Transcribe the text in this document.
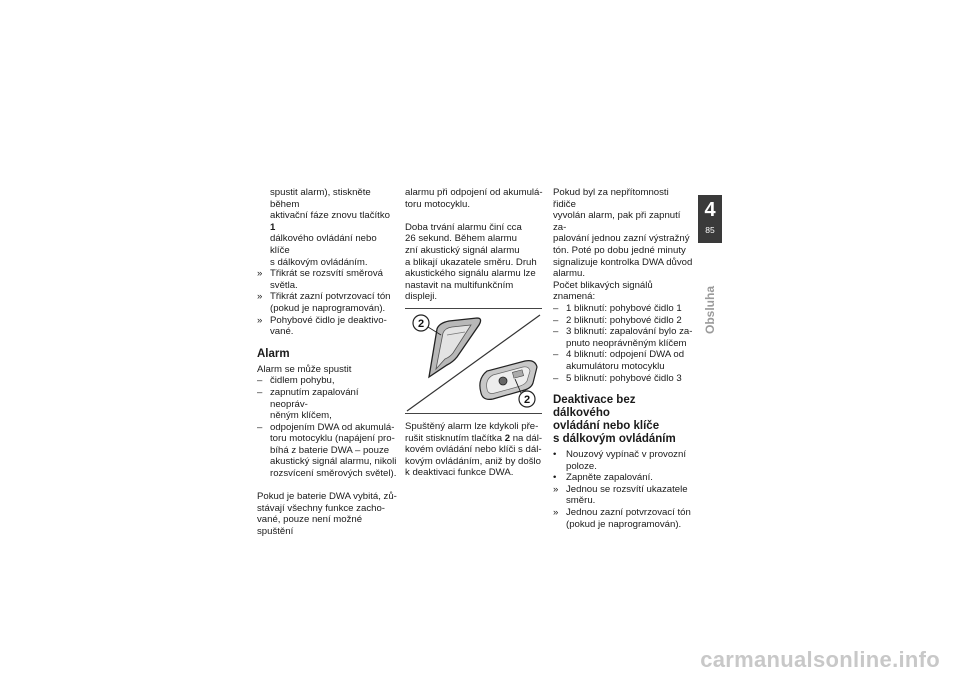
spustit alarm), stiskněte během
aktivační fáze znovu tlačítko 1
dálkového ovládání nebo klíče
s dálkovým ovládáním.
» Třikrát se rozsvítí směrová
světla.
» Třikrát zazní potvrzovací tón
(pokud je naprogramován).
» Pohybové čidlo je deaktivo-
vané.
Alarm
Alarm se může spustit
– čidlem pohybu,
– zapnutím zapalování neopráv-
něným klíčem,
– odpojením DWA od akumulá-
toru motocyklu (napájení pro-
bíhá z baterie DWA – pouze
akustický signál alarmu, nikoli
rozsvícení směrových světel).
Pokud je baterie DWA vybitá, zů-
stávají všechny funkce zacho-
vané, pouze není možné spuštění
alarmu při odpojení od akumulá-
toru motocyklu.
Doba trvání alarmu činí cca
26 sekund. Během alarmu
zní akustický signál alarmu
a blikají ukazatele směru. Druh
akustického signálu alarmu lze
nastavit na multifunkčním displeji.
2
2
Spuštěný alarm lze kdykoli pře-
rušit stisknutím tlačítka 2 na dál-
kovém ovládání nebo klíči s dál-
kovým ovládáním, aniž by došlo
k deaktivaci funkce DWA.
Pokud byl za nepřítomnosti řidiče
vyvolán alarm, pak při zapnutí za-
palování jednou zazní výstražný
tón. Poté po dobu jedné minuty
signalizuje kontrolka DWA důvod
alarmu.
Počet blikavých signálů znamená:
– 1 bliknutí: pohybové čidlo 1
– 2 bliknutí: pohybové čidlo 2
– 3 bliknutí: zapalování bylo za-
pnuto neoprávněným klíčem
– 4 bliknutí: odpojení DWA od
akumulátoru motocyklu
– 5 bliknutí: pohybové čidlo 3
Deaktivace bez dálkového
ovládání nebo klíče
s dálkovým ovládáním
• Nouzový vypínač v provozní
poloze.
• Zapněte zapalování.
» Jednou se rozsvítí ukazatele
směru.
» Jednou zazní potvrzovací tón
(pokud je naprogramován).
4
85
Obsluha
carmanualsonline.info
